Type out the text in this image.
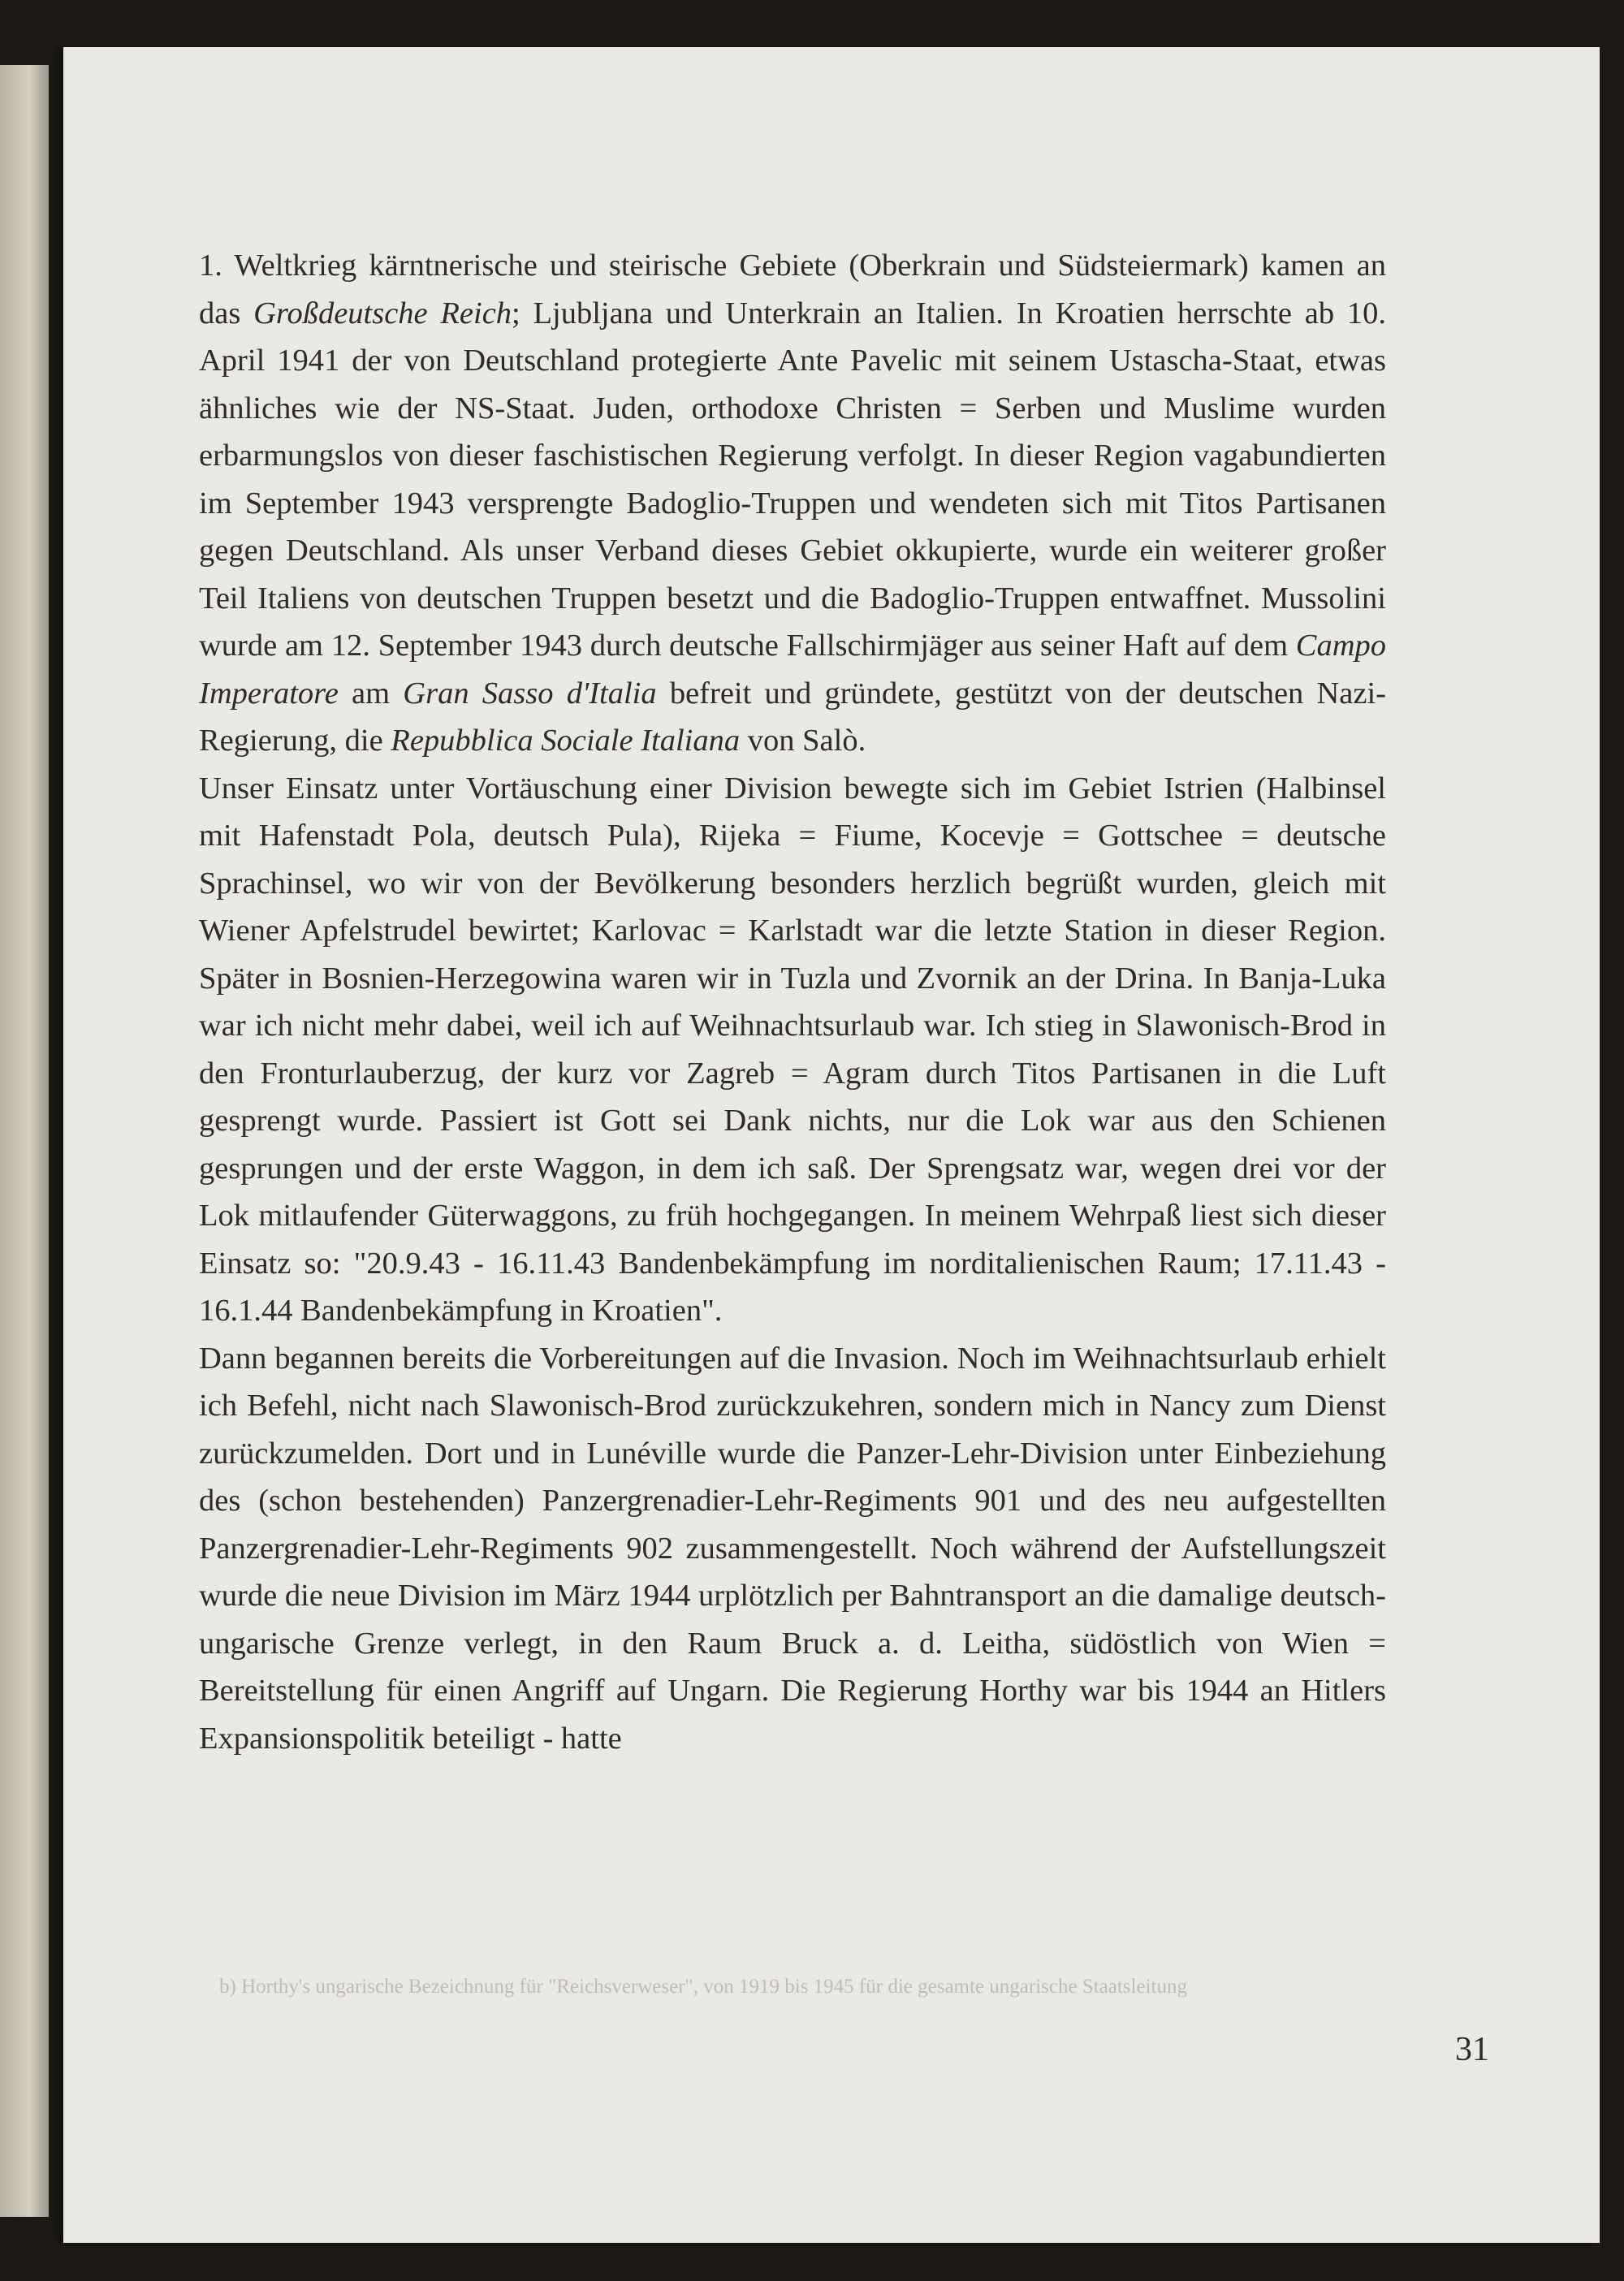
1. Weltkrieg kärntnerische und steirische Gebiete (Oberkrain und Südsteiermark) kamen an das Großdeutsche Reich; Ljubljana und Unterkrain an Italien. In Kroatien herrschte ab 10. April 1941 der von Deutschland protegierte Ante Pavelic mit seinem Ustascha-Staat, etwas ähnliches wie der NS-Staat. Juden, orthodoxe Christen = Serben und Muslime wurden erbarmungslos von dieser faschistischen Regierung verfolgt. In dieser Region vagabundierten im September 1943 versprengte Badoglio-Truppen und wendeten sich mit Titos Partisanen gegen Deutschland. Als unser Verband dieses Gebiet okkupierte, wurde ein weiterer großer Teil Italiens von deutschen Truppen besetzt und die Badoglio-Truppen entwaffnet. Mussolini wurde am 12. September 1943 durch deutsche Fallschirmjäger aus seiner Haft auf dem Campo Imperatore am Gran Sasso d'Italia befreit und gründete, gestützt von der deutschen Nazi-Regierung, die Repubblica Sociale Italiana von Salò.

Unser Einsatz unter Vortäuschung einer Division bewegte sich im Gebiet Istrien (Halbinsel mit Hafenstadt Pola, deutsch Pula), Rijeka = Fiume, Kocevje = Gottschee = deutsche Sprachinsel, wo wir von der Bevölkerung besonders herzlich begrüßt wurden, gleich mit Wiener Apfelstrudel bewirtet; Karlovac = Karlstadt war die letzte Station in dieser Region. Später in Bosnien-Herzegowina waren wir in Tuzla und Zvornik an der Drina. In Banja-Luka war ich nicht mehr dabei, weil ich auf Weihnachtsurlaub war. Ich stieg in Slawonisch-Brod in den Fronturlauberzug, der kurz vor Zagreb = Agram durch Titos Partisanen in die Luft gesprengt wurde. Passiert ist Gott sei Dank nichts, nur die Lok war aus den Schienen gesprungen und der erste Waggon, in dem ich saß. Der Sprengsatz war, wegen drei vor der Lok mitlaufender Güterwaggons, zu früh hochgegangen. In meinem Wehrpaß liest sich dieser Einsatz so: "20.9.43 - 16.11.43 Bandenbekämpfung im norditalienischen Raum; 17.11.43 - 16.1.44 Bandenbekämpfung in Kroatien".

Dann begannen bereits die Vorbereitungen auf die Invasion. Noch im Weihnachtsurlaub erhielt ich Befehl, nicht nach Slawonisch-Brod zurückzukehren, sondern mich in Nancy zum Dienst zurückzumelden. Dort und in Lunéville wurde die Panzer-Lehr-Division unter Einbeziehung des (schon bestehenden) Panzergrenadier-Lehr-Regiments 901 und des neu aufgestellten Panzergrenadier-Lehr-Regiments 902 zusammengestellt. Noch während der Aufstellungszeit wurde die neue Division im März 1944 urplötzlich per Bahntransport an die damalige deutsch-ungarische Grenze verlegt, in den Raum Bruck a. d. Leitha, südöstlich von Wien = Bereitstellung für einen Angriff auf Ungarn. Die Regierung Horthy war bis 1944 an Hitlers Expansionspolitik beteiligt - hatte

b) Horthy's ungarische Bezeichnung für "Reichsverweser", von 1919 bis 1945 für die gesamte ungarische Staatsleitung
31
